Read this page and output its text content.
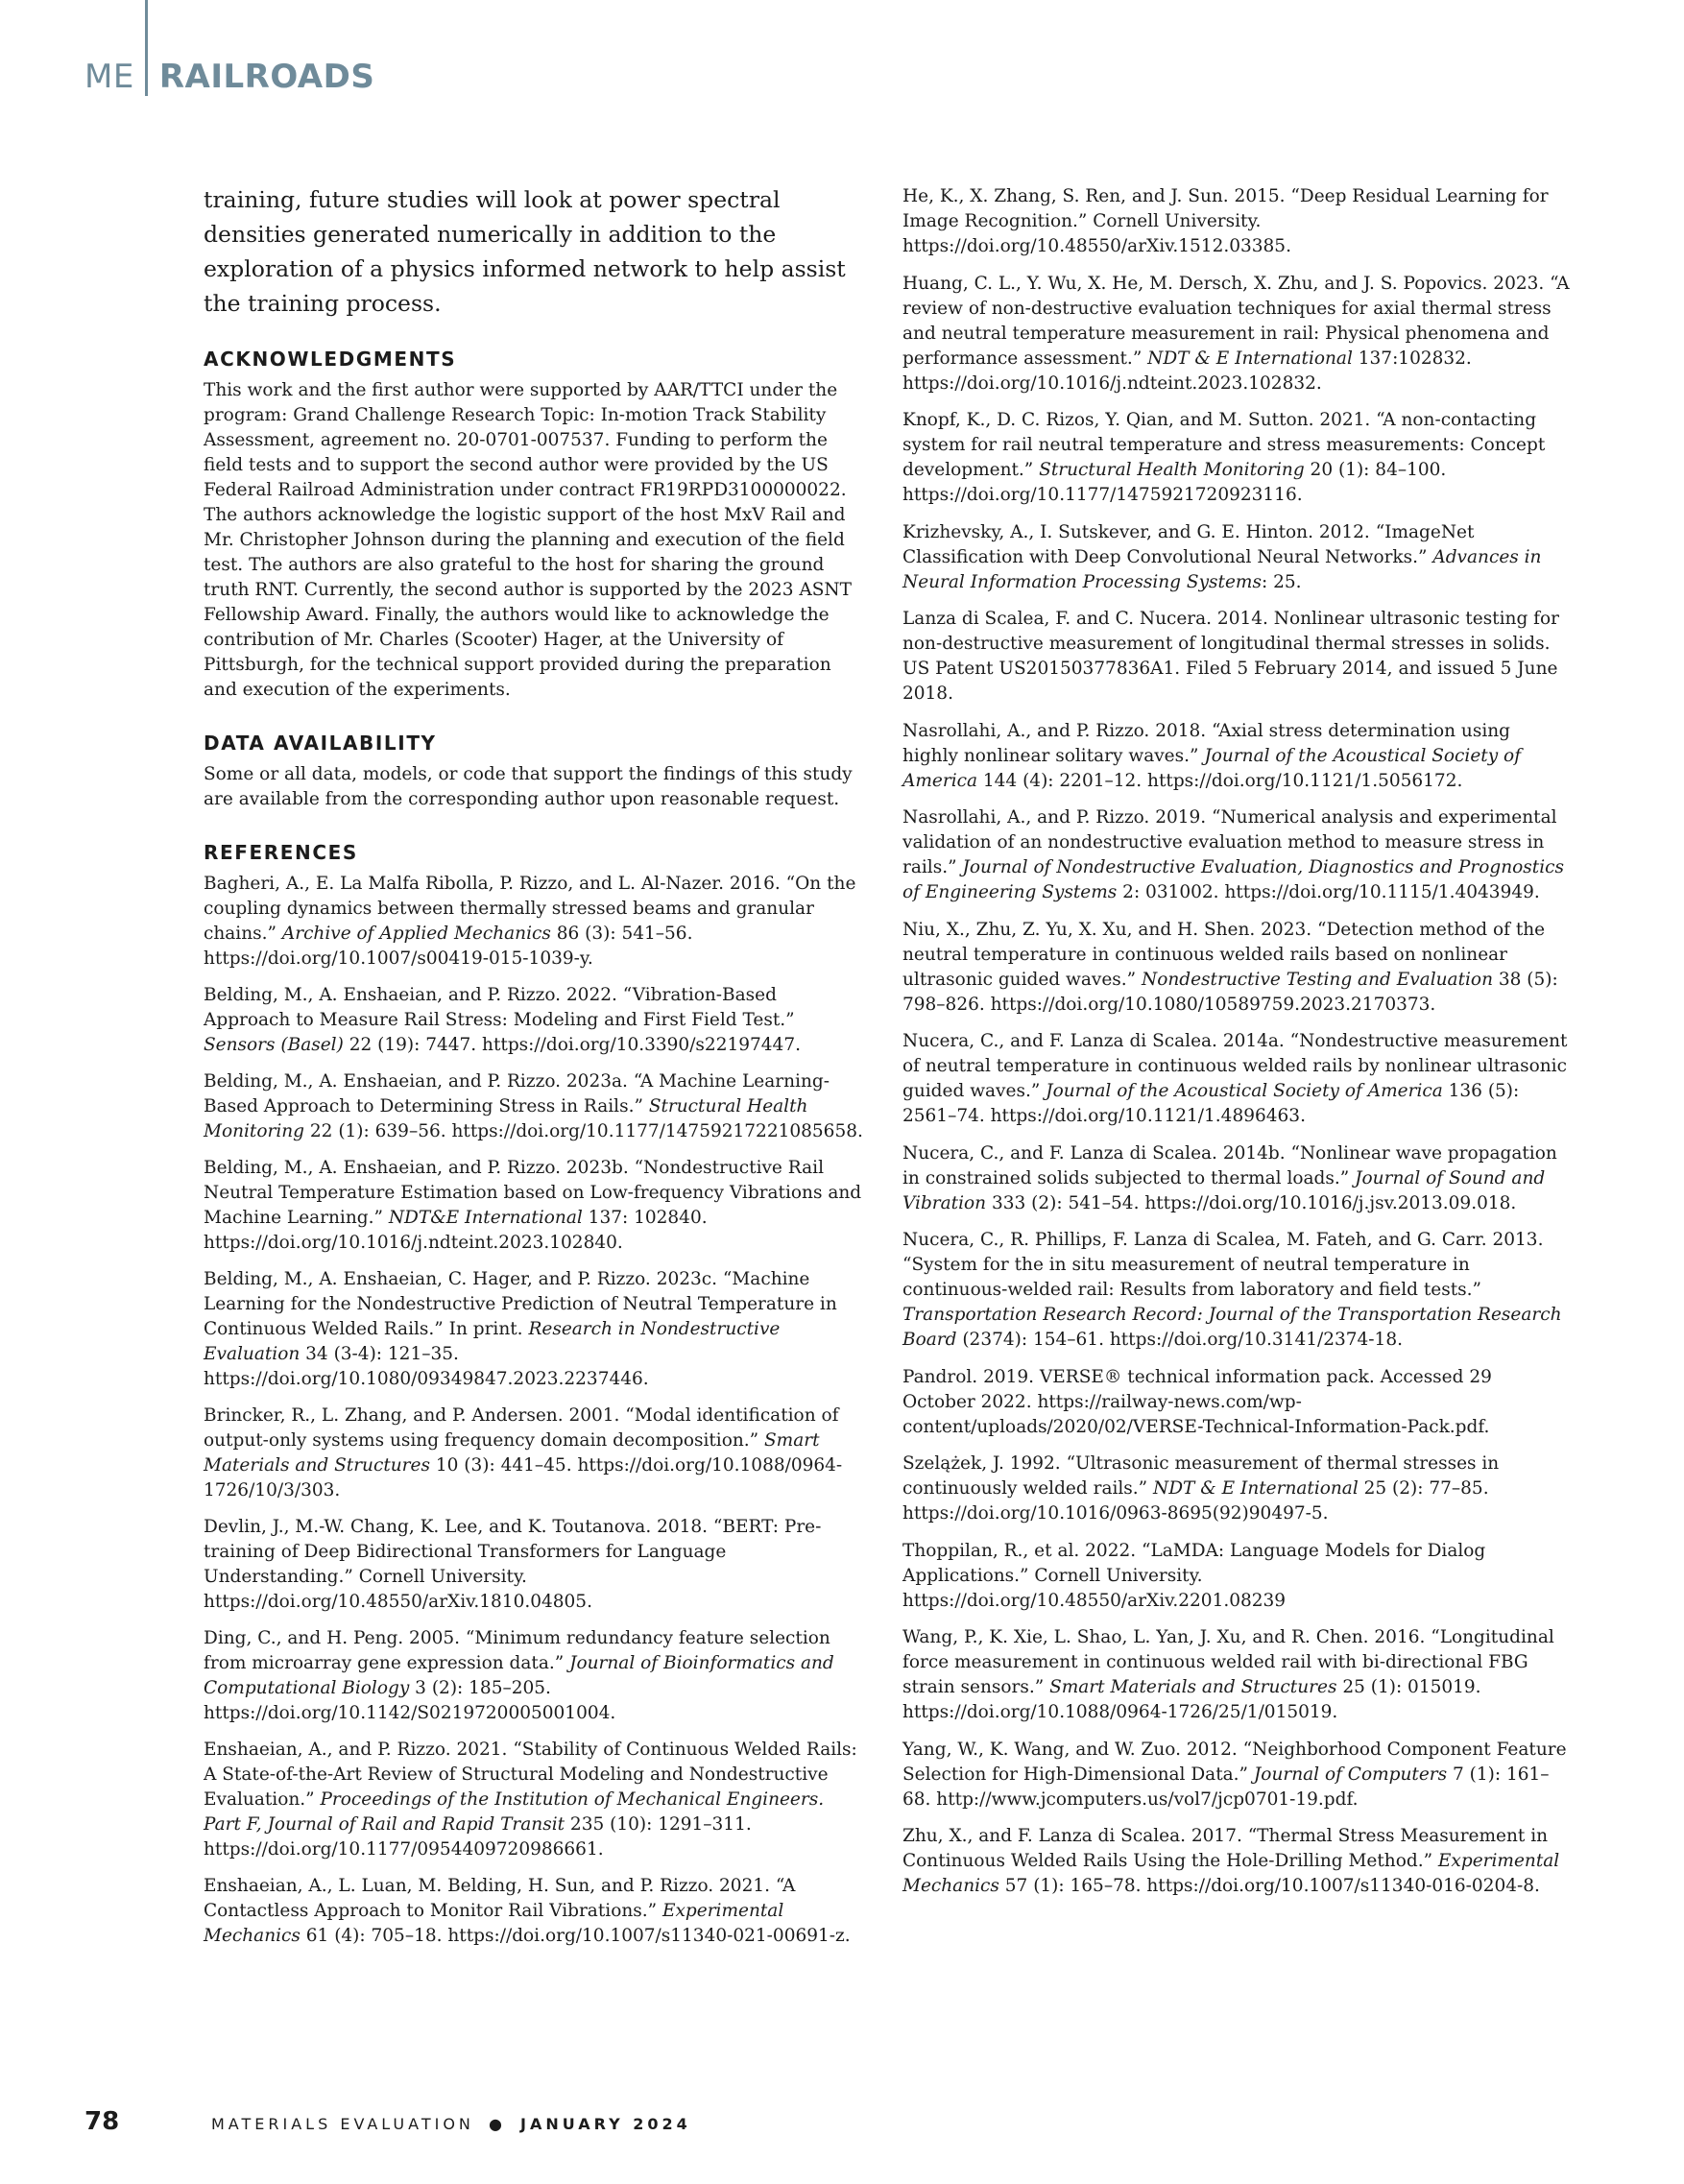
ME RAILROADS

training, future studies will look at power spectral densities generated numerically in addition to the exploration of a physics informed network to help assist the training process.

ACKNOWLEDGMENTS

This work and the first author were supported by AAR/TTCI under the program: Grand Challenge Research Topic: In-motion Track Stability Assessment, agreement no. 20-0701-007537. Funding to perform the field tests and to support the second author were provided by the US Federal Railroad Administration under contract FR19RPD3100000022. The authors acknowledge the logistic support of the host MxV Rail and Mr. Christopher Johnson during the planning and execution of the field test. The authors are also grateful to the host for sharing the ground truth RNT. Currently, the second author is supported by the 2023 ASNT Fellowship Award. Finally, the authors would like to acknowledge the contribution of Mr. Charles (Scooter) Hager, at the University of Pittsburgh, for the technical support provided during the preparation and execution of the experiments.

DATA AVAILABILITY

Some or all data, models, or code that support the findings of this study are available from the corresponding author upon reasonable request.

REFERENCES

Bagheri, A., E. La Malfa Ribolla, P. Rizzo, and L. Al-Nazer. 2016. “On the coupling dynamics between thermally stressed beams and granular chains.” Archive of Applied Mechanics 86 (3): 541–56. https://doi.org/10.1007/s00419-015-1039-y.

Belding, M., A. Enshaeian, and P. Rizzo. 2022. “Vibration-Based Approach to Measure Rail Stress: Modeling and First Field Test.” Sensors (Basel) 22 (19): 7447. https://doi.org/10.3390/s22197447.

Belding, M., A. Enshaeian, and P. Rizzo. 2023a. “A Machine Learning-Based Approach to Determining Stress in Rails.” Structural Health Monitoring 22 (1): 639–56. https://doi.org/10.1177/14759217221085658.

Belding, M., A. Enshaeian, and P. Rizzo. 2023b. “Nondestructive Rail Neutral Temperature Estimation based on Low-frequency Vibrations and Machine Learning.” NDT&E International 137: 102840. https://doi.org/10.1016/j.ndteint.2023.102840.

Belding, M., A. Enshaeian, C. Hager, and P. Rizzo. 2023c. “Machine Learning for the Nondestructive Prediction of Neutral Temperature in Continuous Welded Rails.” In print. Research in Nondestructive Evaluation 34 (3-4): 121–35. https://doi.org/10.1080/09349847.2023.2237446.

Brincker, R., L. Zhang, and P. Andersen. 2001. “Modal identification of output-only systems using frequency domain decomposition.” Smart Materials and Structures 10 (3): 441–45. https://doi.org/10.1088/0964-1726/10/3/303.

Devlin, J., M.-W. Chang, K. Lee, and K. Toutanova. 2018. “BERT: Pre-training of Deep Bidirectional Transformers for Language Understanding.” Cornell University. https://doi.org/10.48550/arXiv.1810.04805.

Ding, C., and H. Peng. 2005. “Minimum redundancy feature selection from microarray gene expression data.” Journal of Bioinformatics and Computational Biology 3 (2): 185–205. https://doi.org/10.1142/S0219720005001004.

Enshaeian, A., and P. Rizzo. 2021. “Stability of Continuous Welded Rails: A State-of-the-Art Review of Structural Modeling and Nondestructive Evaluation.” Proceedings of the Institution of Mechanical Engineers. Part F, Journal of Rail and Rapid Transit 235 (10): 1291–311. https://doi.org/10.1177/0954409720986661.

Enshaeian, A., L. Luan, M. Belding, H. Sun, and P. Rizzo. 2021. “A Contactless Approach to Monitor Rail Vibrations.” Experimental Mechanics 61 (4): 705–18. https://doi.org/10.1007/s11340-021-00691-z.

He, K., X. Zhang, S. Ren, and J. Sun. 2015. “Deep Residual Learning for Image Recognition.” Cornell University. https://doi.org/10.48550/arXiv.1512.03385.

Huang, C. L., Y. Wu, X. He, M. Dersch, X. Zhu, and J. S. Popovics. 2023. “A review of non-destructive evaluation techniques for axial thermal stress and neutral temperature measurement in rail: Physical phenomena and performance assessment.” NDT & E International 137:102832. https://doi.org/10.1016/j.ndteint.2023.102832.

Knopf, K., D. C. Rizos, Y. Qian, and M. Sutton. 2021. “A non-contacting system for rail neutral temperature and stress measurements: Concept development.” Structural Health Monitoring 20 (1): 84–100. https://doi.org/10.1177/1475921720923116.

Krizhevsky, A., I. Sutskever, and G. E. Hinton. 2012. “ImageNet Classification with Deep Convolutional Neural Networks.” Advances in Neural Information Processing Systems: 25.

Lanza di Scalea, F. and C. Nucera. 2014. Nonlinear ultrasonic testing for non-destructive measurement of longitudinal thermal stresses in solids. US Patent US20150377836A1. Filed 5 February 2014, and issued 5 June 2018.

Nasrollahi, A., and P. Rizzo. 2018. “Axial stress determination using highly nonlinear solitary waves.” Journal of the Acoustical Society of America 144 (4): 2201–12. https://doi.org/10.1121/1.5056172.

Nasrollahi, A., and P. Rizzo. 2019. “Numerical analysis and experimental validation of an nondestructive evaluation method to measure stress in rails.” Journal of Nondestructive Evaluation, Diagnostics and Prognostics of Engineering Systems 2: 031002. https://doi.org/10.1115/1.4043949.

Niu, X., Zhu, Z. Yu, X. Xu, and H. Shen. 2023. “Detection method of the neutral temperature in continuous welded rails based on nonlinear ultrasonic guided waves.” Nondestructive Testing and Evaluation 38 (5): 798–826. https://doi.org/10.1080/10589759.2023.2170373.

Nucera, C., and F. Lanza di Scalea. 2014a. “Nondestructive measurement of neutral temperature in continuous welded rails by nonlinear ultrasonic guided waves.” Journal of the Acoustical Society of America 136 (5): 2561–74. https://doi.org/10.1121/1.4896463.

Nucera, C., and F. Lanza di Scalea. 2014b. “Nonlinear wave propagation in constrained solids subjected to thermal loads.” Journal of Sound and Vibration 333 (2): 541–54. https://doi.org/10.1016/j.jsv.2013.09.018.

Nucera, C., R. Phillips, F. Lanza di Scalea, M. Fateh, and G. Carr. 2013. “System for the in situ measurement of neutral temperature in continuous-welded rail: Results from laboratory and field tests.” Transportation Research Record: Journal of the Transportation Research Board (2374): 154–61. https://doi.org/10.3141/2374-18.

Pandrol. 2019. VERSE® technical information pack. Accessed 29 October 2022. https://railway-news.com/wp-content/uploads/2020/02/VERSE-Technical-Information-Pack.pdf.

Szelążek, J. 1992. “Ultrasonic measurement of thermal stresses in continuously welded rails.” NDT & E International 25 (2): 77–85. https://doi.org/10.1016/0963-8695(92)90497-5.

Thoppilan, R., et al. 2022. “LaMDA: Language Models for Dialog Applications.” Cornell University. https://doi.org/10.48550/arXiv.2201.08239

Wang, P., K. Xie, L. Shao, L. Yan, J. Xu, and R. Chen. 2016. “Longitudinal force measurement in continuous welded rail with bi-directional FBG strain sensors.” Smart Materials and Structures 25 (1): 015019. https://doi.org/10.1088/0964-1726/25/1/015019.

Yang, W., K. Wang, and W. Zuo. 2012. “Neighborhood Component Feature Selection for High-Dimensional Data.” Journal of Computers 7 (1): 161–68. http://www.jcomputers.us/vol7/jcp0701-19.pdf.

Zhu, X., and F. Lanza di Scalea. 2017. “Thermal Stress Measurement in Continuous Welded Rails Using the Hole-Drilling Method.” Experimental Mechanics 57 (1): 165–78. https://doi.org/10.1007/s11340-016-0204-8.

78	MATERIALS EVALUATION ● JANUARY 2024
